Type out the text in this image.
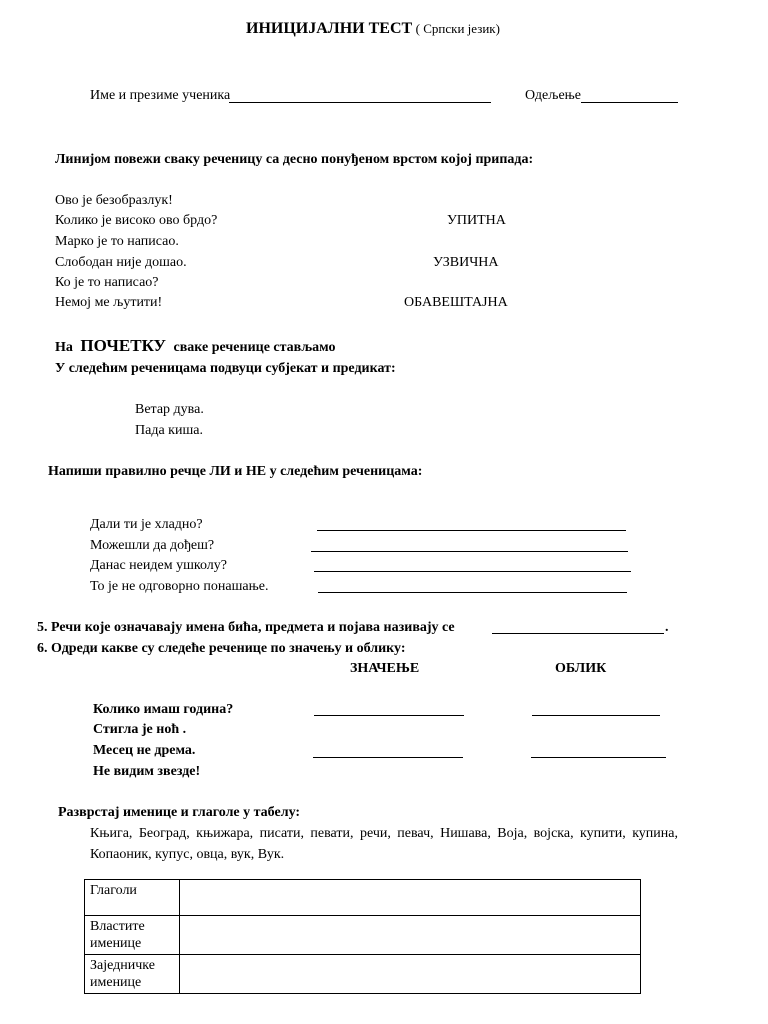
ИНИЦИЈАЛНИ ТЕСТ ( Српски језик)
Име и презиме ученика	Одељење
Линијом повежи сваку реченицу са десно понуђеном врстом којој припада:
Ово је безобразлук!
Колико је високо ово брдо?
Марко је то написао.
Слободан није дошао.
Ко је то написао?
Немој ме љутити!
УПИТНА
УЗВИЧНА
ОБАВЕШТАЈНА
На ПОЧЕТКУ сваке реченице стављамо
У следећим реченицама подвуци субјекат и предикат:
Ветар дува.
Пада киша.
Напиши правилно речце ЛИ и НЕ у следећим реченицама:
Дали ти је хладно?
Можешли да дођеш?
Данас неидем ушколу?
То је не одговорно понашање.
5. Речи које означавају имена бића, предмета и појава називају се	.
6. Одреди какве су следеће реченице по значењу и облику:
ЗНАЧЕЊЕ	ОБЛИК
Колико имаш година?
Стигла је ноћ .
Месец не дрема.
Не видим звезде!
Разврстај именице и глаголе у табелу:
Књига, Београд, књижара, писати, певати, речи, певач, Нишава, Воја, војска, купити, купина, Копаоник, купус, овца, вук, Вук.
Глаголи	
Властите именице	
Заједничке именице	
